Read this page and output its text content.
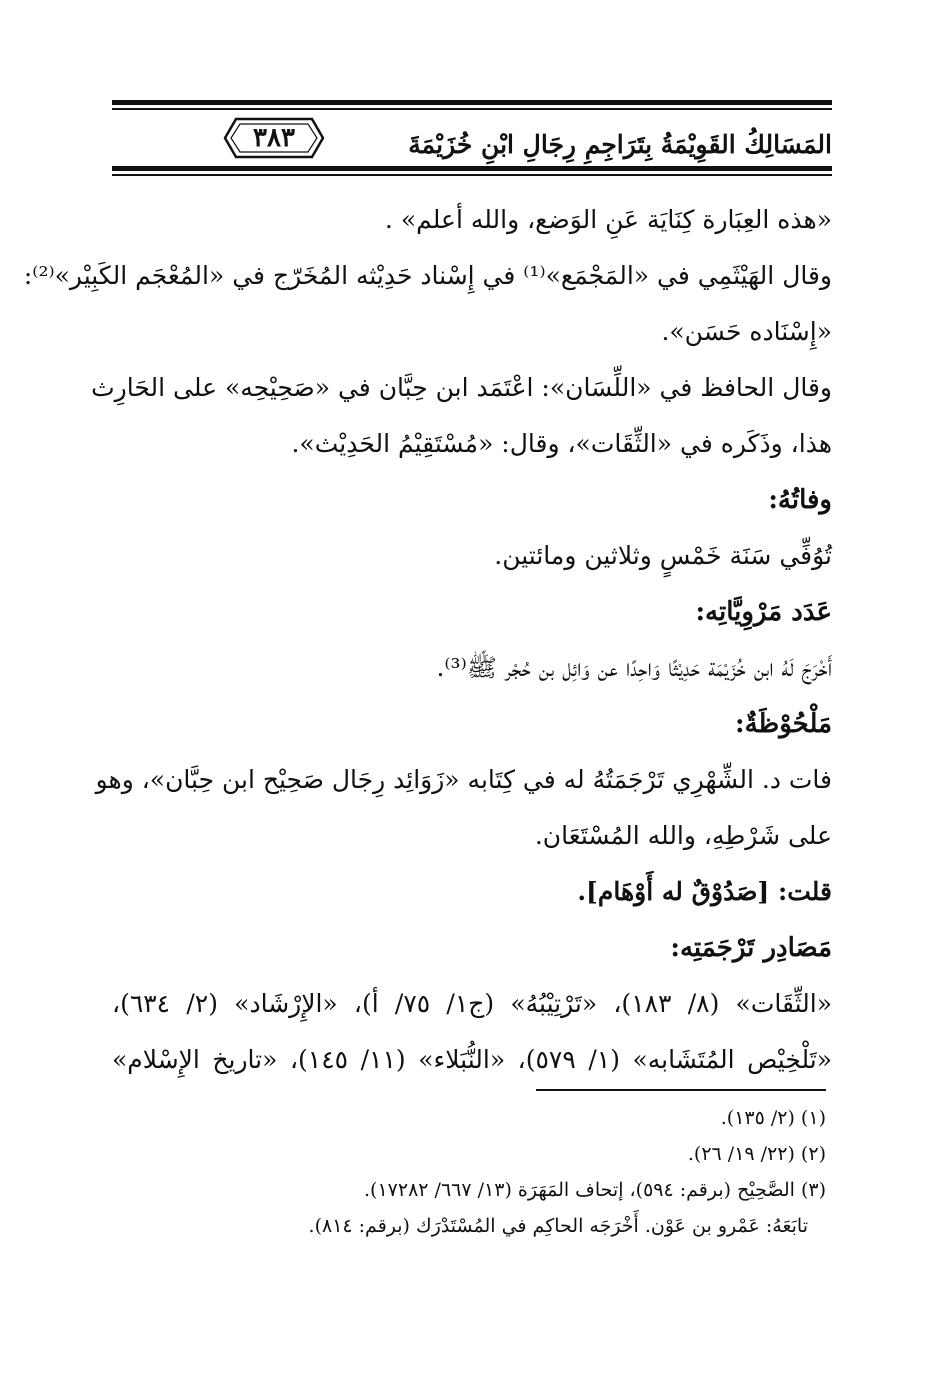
المَسَالِكُ القَوِيْمَةُ بِتَرَاجِمِ رِجَالِ ابْنِ خُزَيْمَةَ
٣٨٣
«هذه العِبَارة كِنَايَة عَنِ الوَضع، والله أعلم» .
وقال الهَيْثَمِي في «المَجْمَع»⁽¹⁾ في إِسْناد حَدِيْثه المُخَرّج في «المُعْجَم الكَبِيْر»⁽²⁾:
«إِسْنَاده حَسَن».
وقال الحافظ في «اللِّسَان»: اعْتَمَد ابن حِبَّان في «صَحِيْحِه» على الحَارِث
هذا، وذَكَره في «الثِّقَات»، وقال: «مُسْتَقِيْمُ الحَدِيْث».
وفاتُهُ:
تُوُفِّي سَنَة خَمْسٍ وثلاثين ومائتين.
عَدَد مَرْوِيَّاتِه:
أَخْرَجَ لَهُ ابن خُزَيْمَة حَدِيْثًا وَاحِدًا عن وَائِل بن حُجْر ﷺ⁽³⁾.
مَلْحُوْظَةٌ:
فات د. الشِّهْرِي تَرْجَمَتُهُ له في كِتَابه «زَوَائِد رِجَال صَحِيْح ابن حِبَّان»، وهو
على شَرْطِهِ، والله المُسْتَعَان.
قلت: [صَدُوْقٌ له أَوْهَام].
مَصَادِر تَرْجَمَتِه:
«الثِّقَات» (٨/ ١٨٣)، «تَرْتِيْبُهُ» (ج١/ ٧٥/ أ)، «الإِرْشَاد» (٢/ ٦٣٤)،
«تَلْخِيْص المُتَشَابه» (١/ ٥٧٩)، «النُّبَلاء» (١١/ ١٤٥)، «تاريخ الإِسْلام»
(١) (٢/ ١٣٥).
(٢) (٢٢/ ١٩/ ٢٦).
(٣) الصَّحِيْح (برقم: ٥٩٤)، إتحاف المَهَرَة (١٣/ ٦٦٧/ ١٧٢٨٢).
تابَعَهُ: عَمْرو بن عَوْن. أَخْرَجَه الحاكِم في المُسْتَدْرَك (برقم: ٨١٤).
